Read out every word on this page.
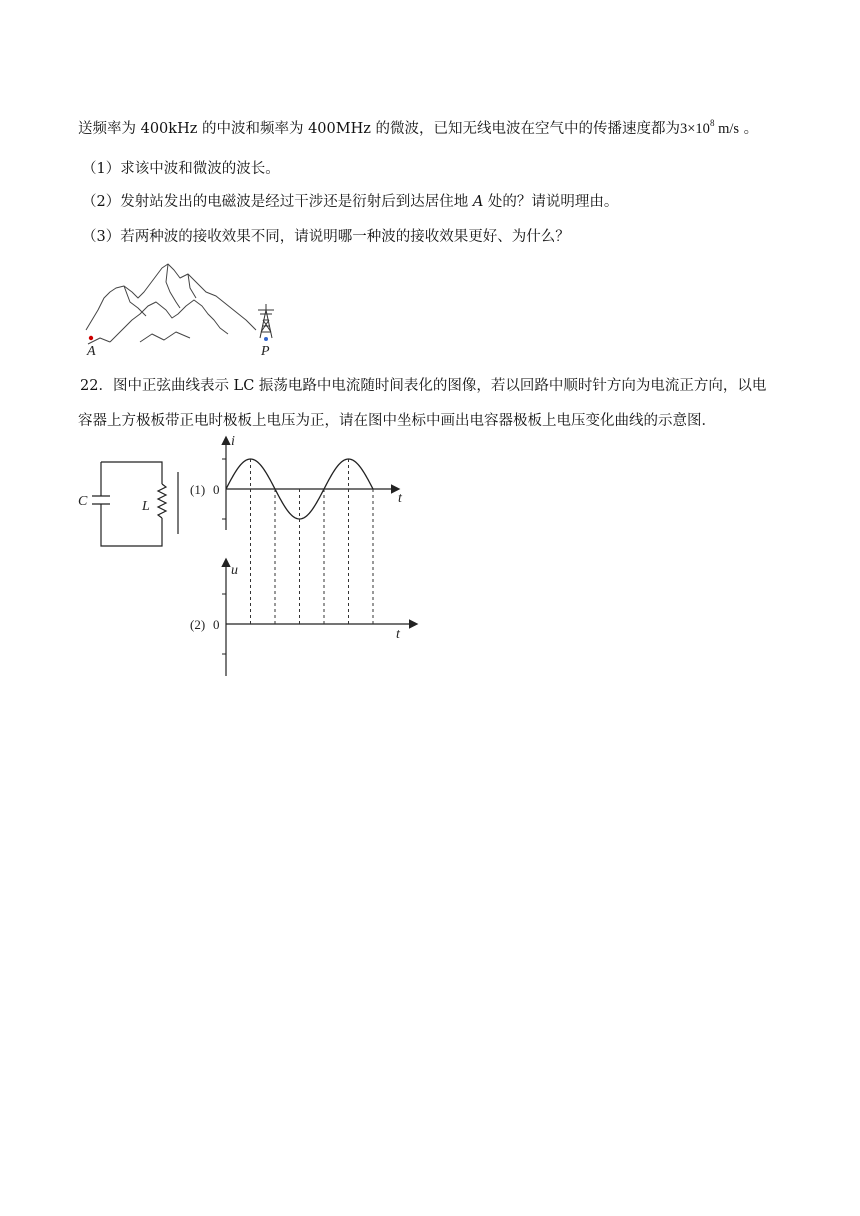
送频率为 400kHz 的中波和频率为 400MHz 的微波，已知无线电波在空气中的传播速度都为$3\times 10^8$ m/s 。
（1）求该中波和微波的波长。
（2）发射站发出的电磁波是经过干涉还是衍射后到达居住地 A 处的？请说明理由。
（3）若两种波的接收效果不同，请说明哪一种波的接收效果更好、为什么？
A	P
22．图中正弦曲线表示 LC 振荡电路中电流随时间表化的图像，若以回路中顺时针方向为电流正方向，以电
容器上方极板带正电时极板上电压为正，请在图中坐标中画出电容器极板上电压变化曲线的示意图．
C	L
i
t
(1) 0
u
t
(2) 0
